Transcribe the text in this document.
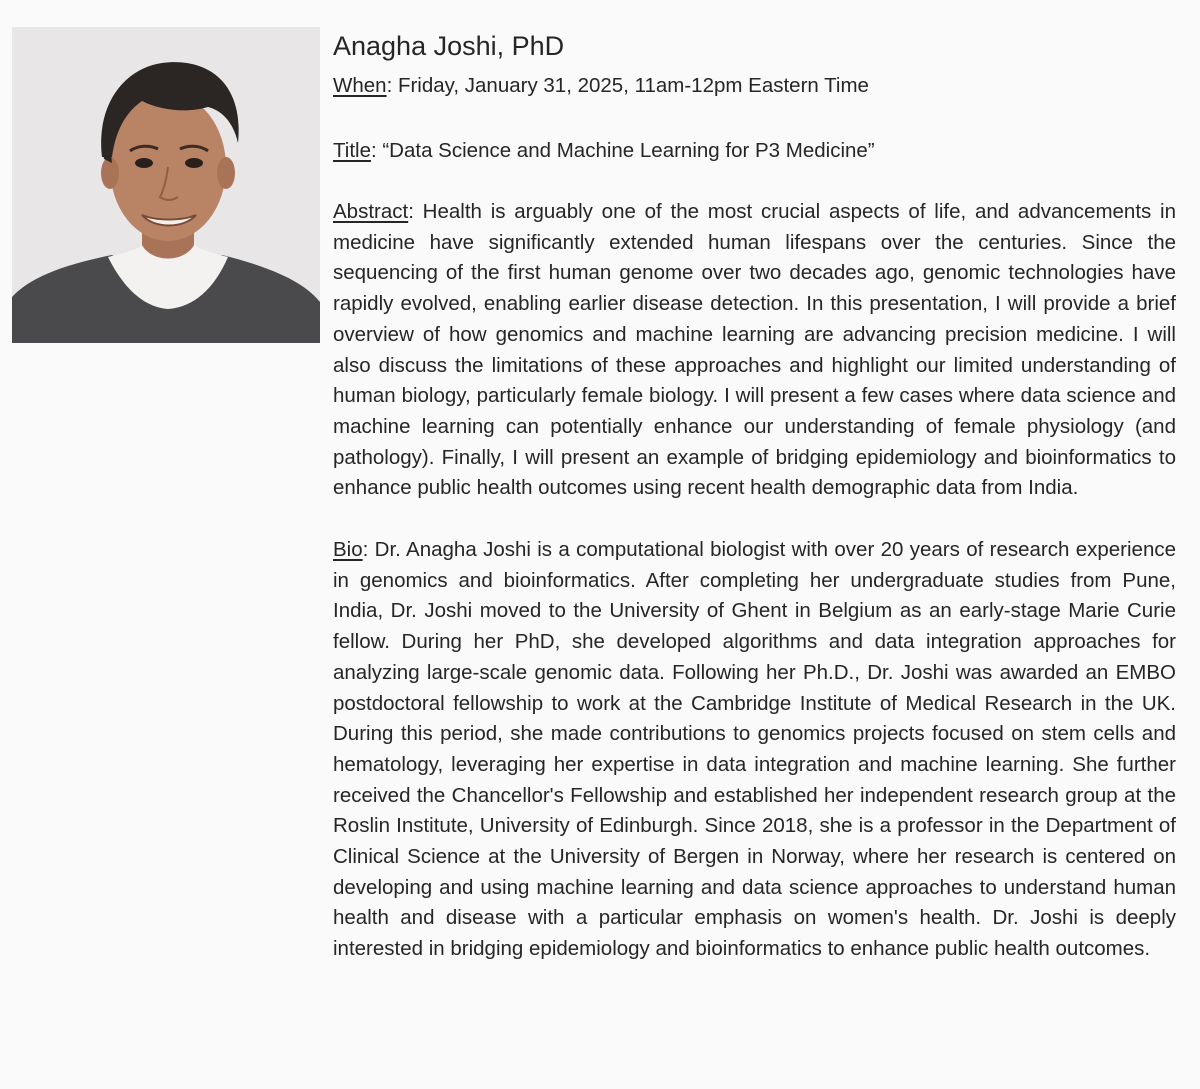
Anagha Joshi, PhD

When: Friday, January 31, 2025, 11am-12pm Eastern Time

Title: “Data Science and Machine Learning for P3 Medicine”

Abstract: Health is arguably one of the most crucial aspects of life, and advancements in medicine have significantly extended human lifespans over the centuries. Since the sequencing of the first human genome over two decades ago, genomic technologies have rapidly evolved, enabling earlier disease detection. In this presentation, I will provide a brief overview of how genomics and machine learning are advancing precision medicine. I will also discuss the limitations of these approaches and highlight our limited understanding of human biology, particularly female biology. I will present a few cases where data science and machine learning can potentially enhance our understanding of female physiology (and pathology). Finally, I will present an example of bridging epidemiology and bioinformatics to enhance public health outcomes using recent health demographic data from India.

Bio: Dr. Anagha Joshi is a computational biologist with over 20 years of research experience in genomics and bioinformatics. After completing her undergraduate studies from Pune, India, Dr. Joshi moved to the University of Ghent in Belgium as an early-stage Marie Curie fellow. During her PhD, she developed algorithms and data integration approaches for analyzing large-scale genomic data. Following her Ph.D., Dr. Joshi was awarded an EMBO postdoctoral fellowship to work at the Cambridge Institute of Medical Research in the UK. During this period, she made contributions to genomics projects focused on stem cells and hematology, leveraging her expertise in data integration and machine learning. She further received the Chancellor's Fellowship and established her independent research group at the Roslin Institute, University of Edinburgh. Since 2018, she is a professor in the Department of Clinical Science at the University of Bergen in Norway, where her research is centered on developing and using machine learning and data science approaches to understand human health and disease with a particular emphasis on women's health. Dr. Joshi is deeply interested in bridging epidemiology and bioinformatics to enhance public health outcomes.
